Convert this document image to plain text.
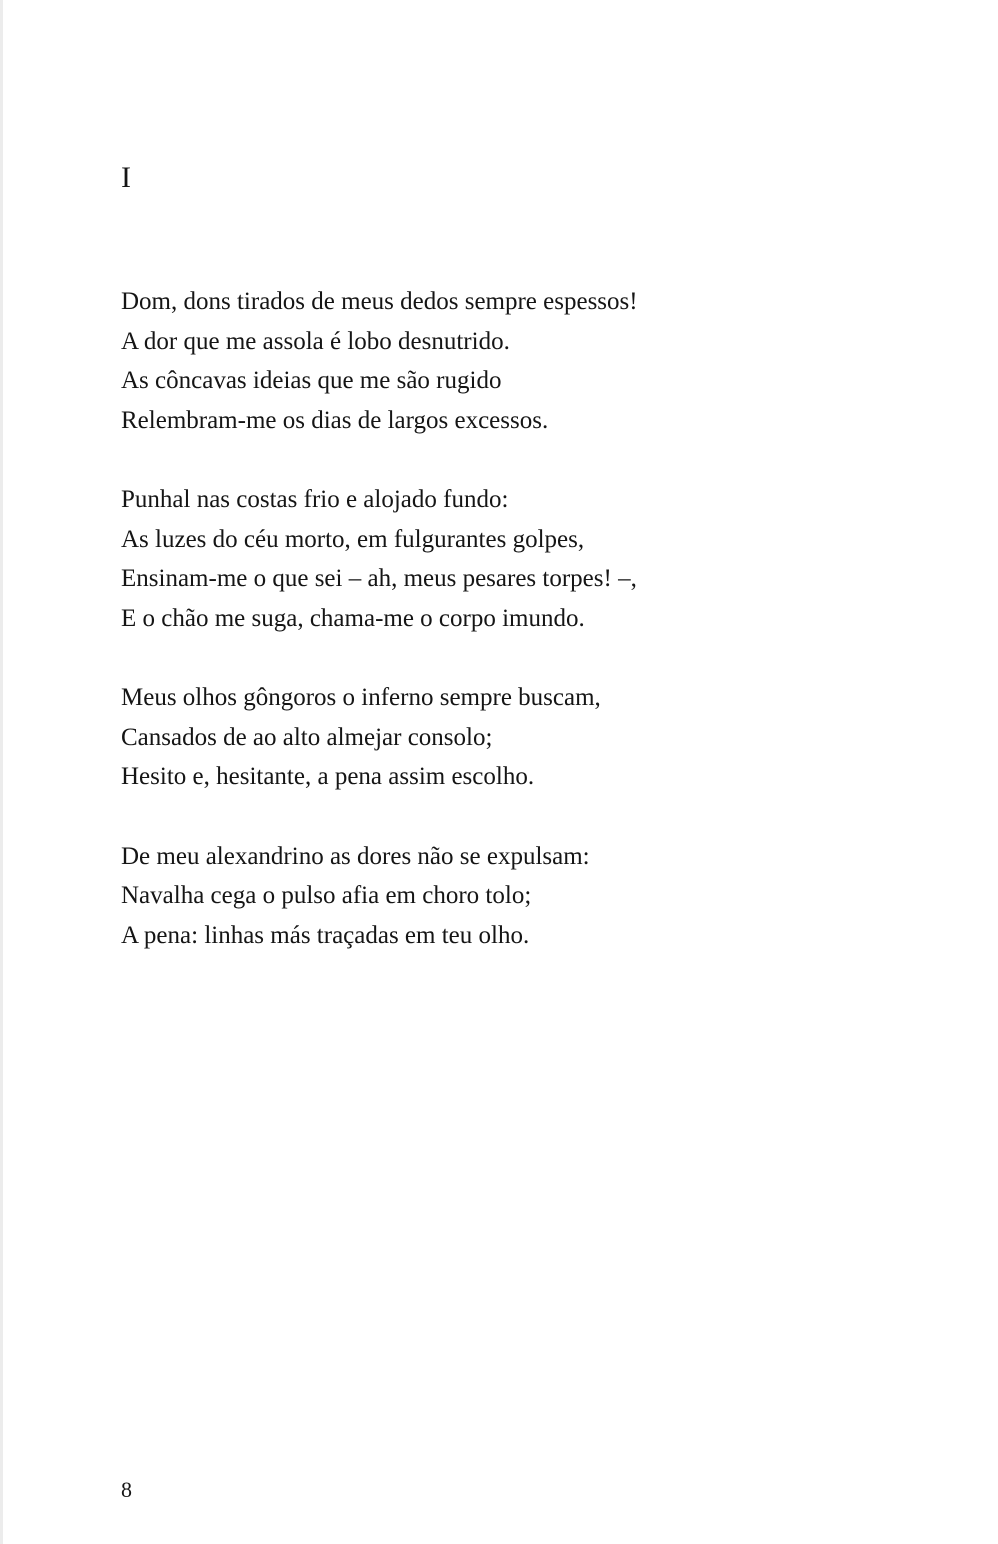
I
Dom, dons tirados de meus dedos sempre espessos!
A dor que me assola é lobo desnutrido.
As côncavas ideias que me são rugido
Relembram-me os dias de largos excessos.
Punhal nas costas frio e alojado fundo:
As luzes do céu morto, em fulgurantes golpes,
Ensinam-me o que sei – ah, meus pesares torpes! –,
E o chão me suga, chama-me o corpo imundo.
Meus olhos gôngoros o inferno sempre buscam,
Cansados de ao alto almejar consolo;
Hesito e, hesitante, a pena assim escolho.
De meu alexandrino as dores não se expulsam:
Navalha cega o pulso afia em choro tolo;
A pena: linhas más traçadas em teu olho.
8
